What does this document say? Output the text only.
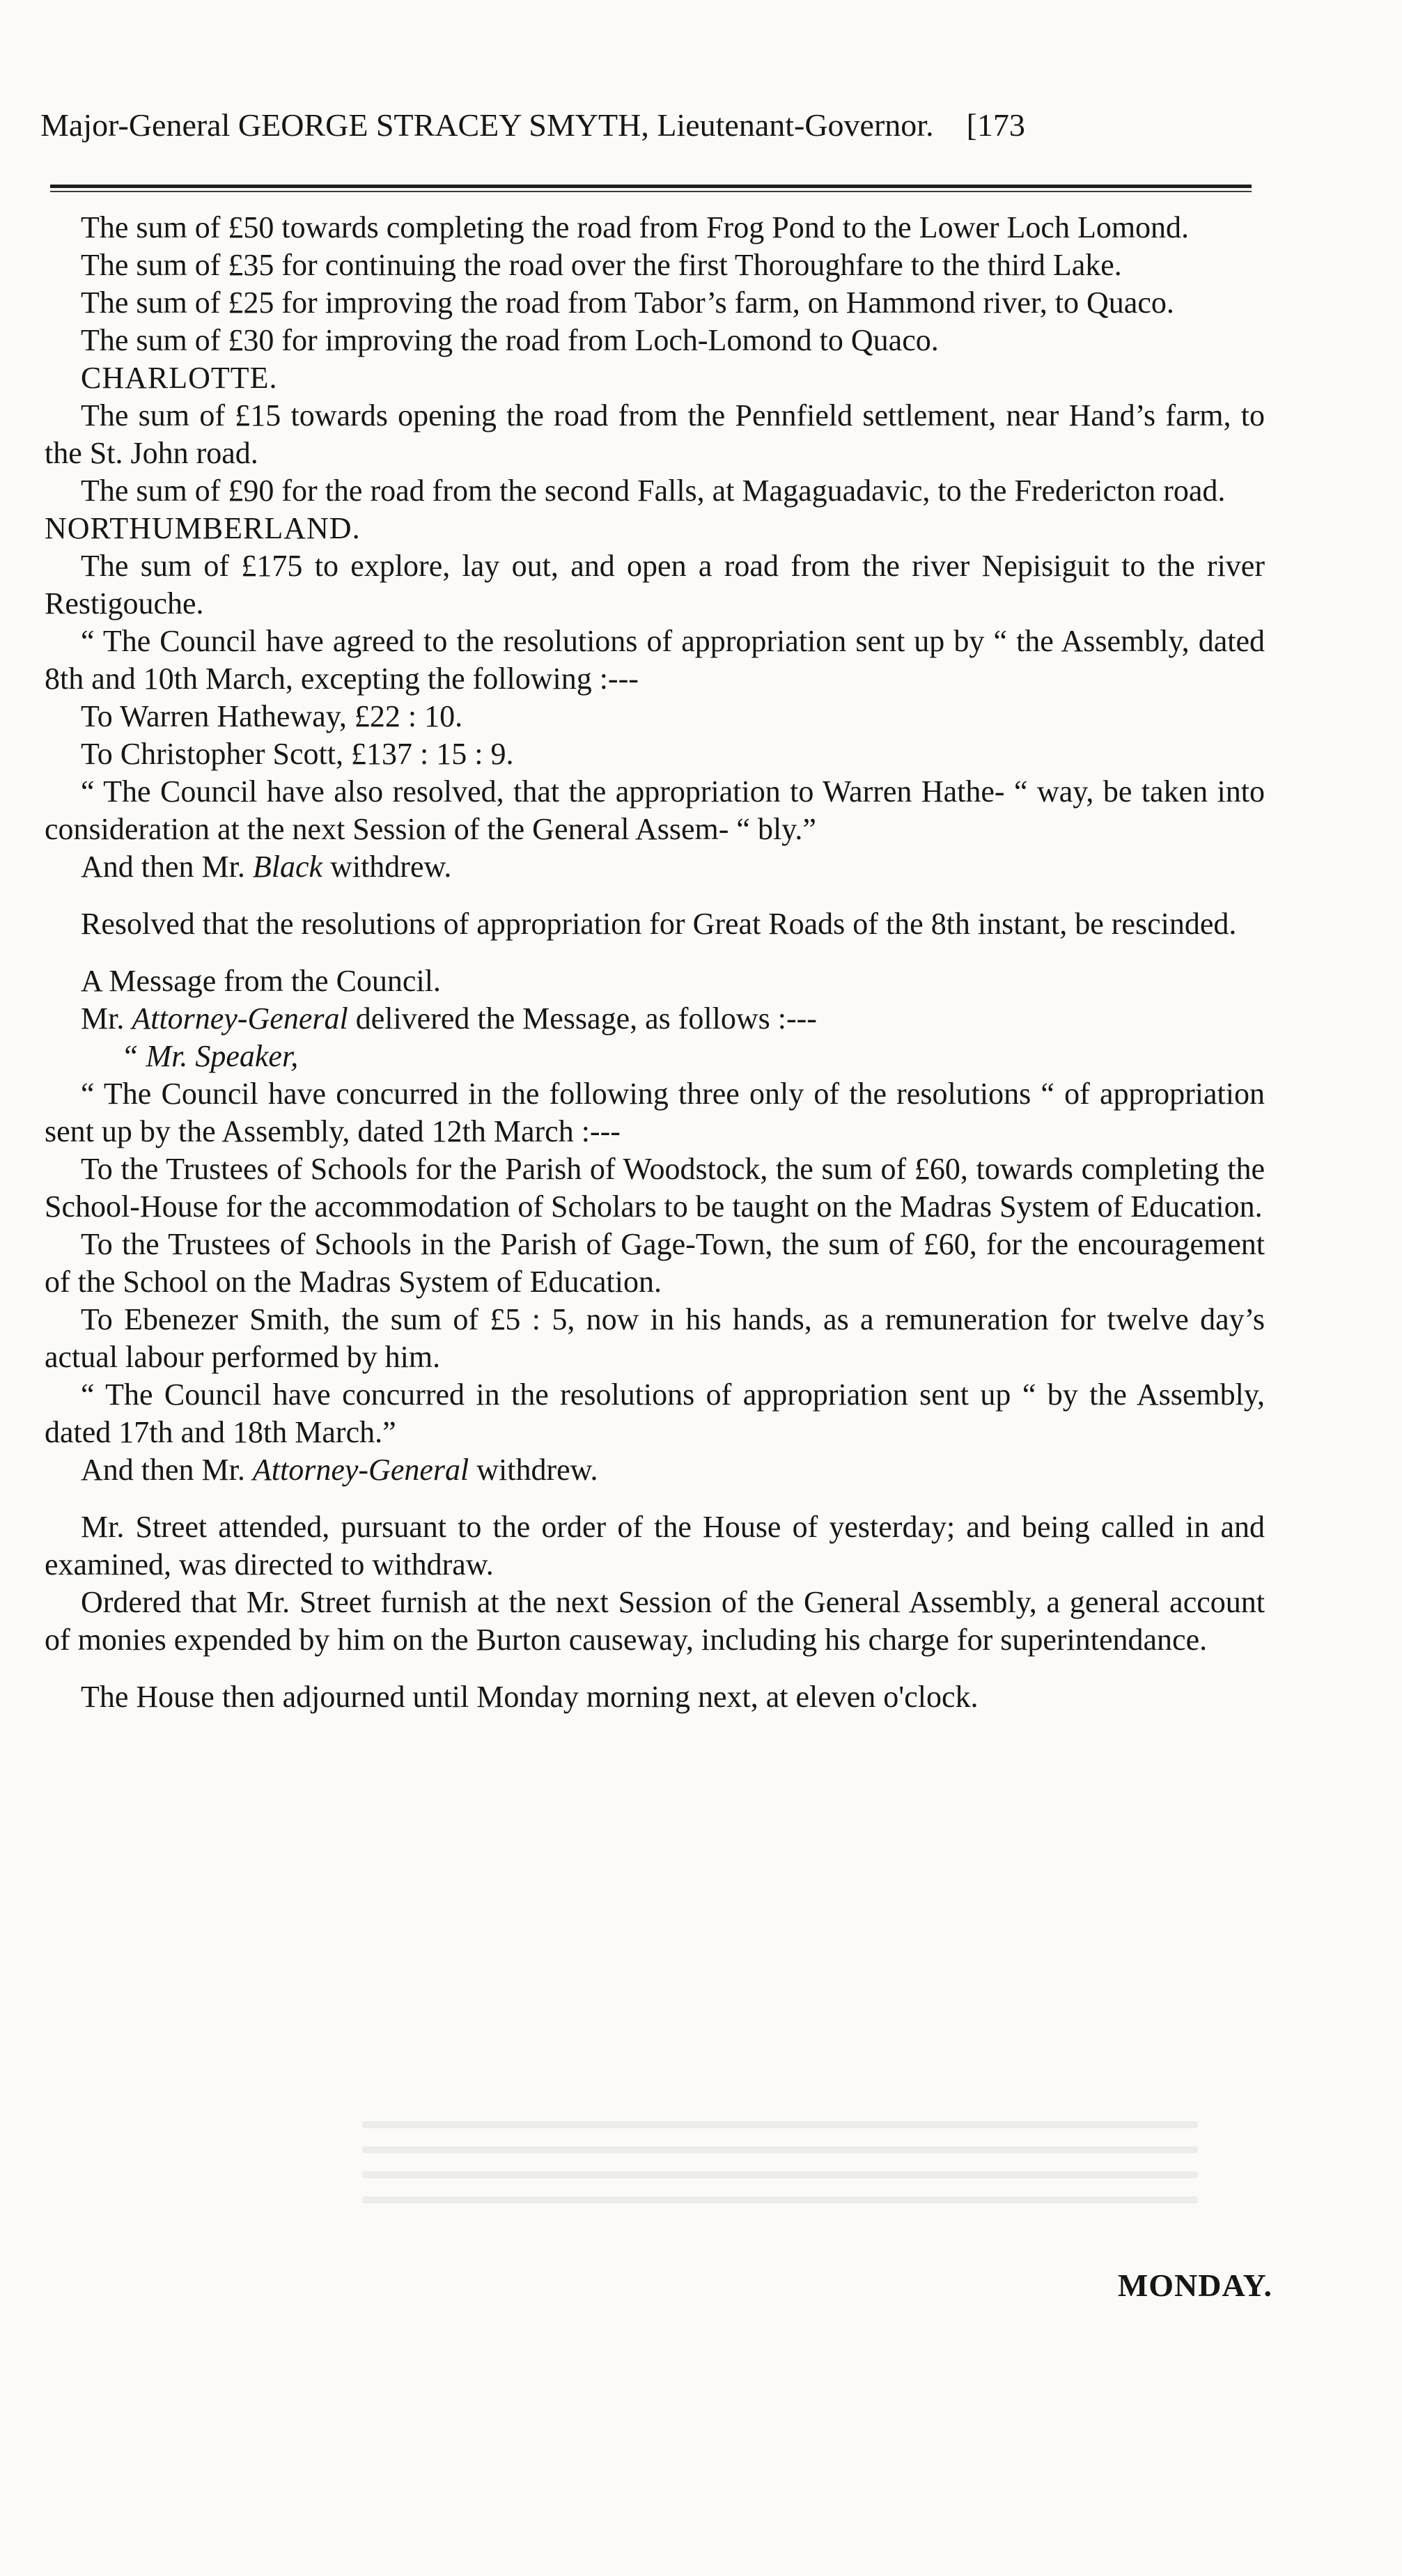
Major-General GEORGE STRACEY SMYTH, Lieutenant-Governor. [173

The sum of £50 towards completing the road from Frog Pond to the Lower Loch Lomond.

The sum of £35 for continuing the road over the first Thoroughfare to the third Lake.

The sum of £25 for improving the road from Tabor’s farm, on Hammond river, to Quaco.

The sum of £30 for improving the road from Loch-Lomond to Quaco.

CHARLOTTE.

The sum of £15 towards opening the road from the Pennfield settlement, near Hand’s farm, to the St. John road.

The sum of £90 for the road from the second Falls, at Magaguadavic, to the Fredericton road.

NORTHUMBERLAND.

The sum of £175 to explore, lay out, and open a road from the river Nepisiguit to the river Restigouche.

“ The Council have agreed to the resolutions of appropriation sent up by “ the Assembly, dated 8th and 10th March, excepting the following :---

To Warren Hatheway, £22 : 10.

To Christopher Scott, £137 : 15 : 9.

“ The Council have also resolved, that the appropriation to Warren Hathe- “ way, be taken into consideration at the next Session of the General Assem- “ bly.”

And then Mr. Black withdrew.

Resolved that the resolutions of appropriation for Great Roads of the 8th instant, be rescinded.

A Message from the Council.

Mr. Attorney-General delivered the Message, as follows :---

“ Mr. Speaker,

“ The Council have concurred in the following three only of the resolutions “ of appropriation sent up by the Assembly, dated 12th March :---

To the Trustees of Schools for the Parish of Woodstock, the sum of £60, towards completing the School-House for the accommodation of Scholars to be taught on the Madras System of Education.

To the Trustees of Schools in the Parish of Gage-Town, the sum of £60, for the encouragement of the School on the Madras System of Education.

To Ebenezer Smith, the sum of £5 : 5, now in his hands, as a remuneration for twelve day’s actual labour performed by him.

“ The Council have concurred in the resolutions of appropriation sent up “ by the Assembly, dated 17th and 18th March.”

And then Mr. Attorney-General withdrew.

Mr. Street attended, pursuant to the order of the House of yesterday; and being called in and examined, was directed to withdraw.

Ordered that Mr. Street furnish at the next Session of the General Assembly, a general account of monies expended by him on the Burton causeway, including his charge for superintendance.

The House then adjourned until Monday morning next, at eleven o'clock.

MONDAY.
